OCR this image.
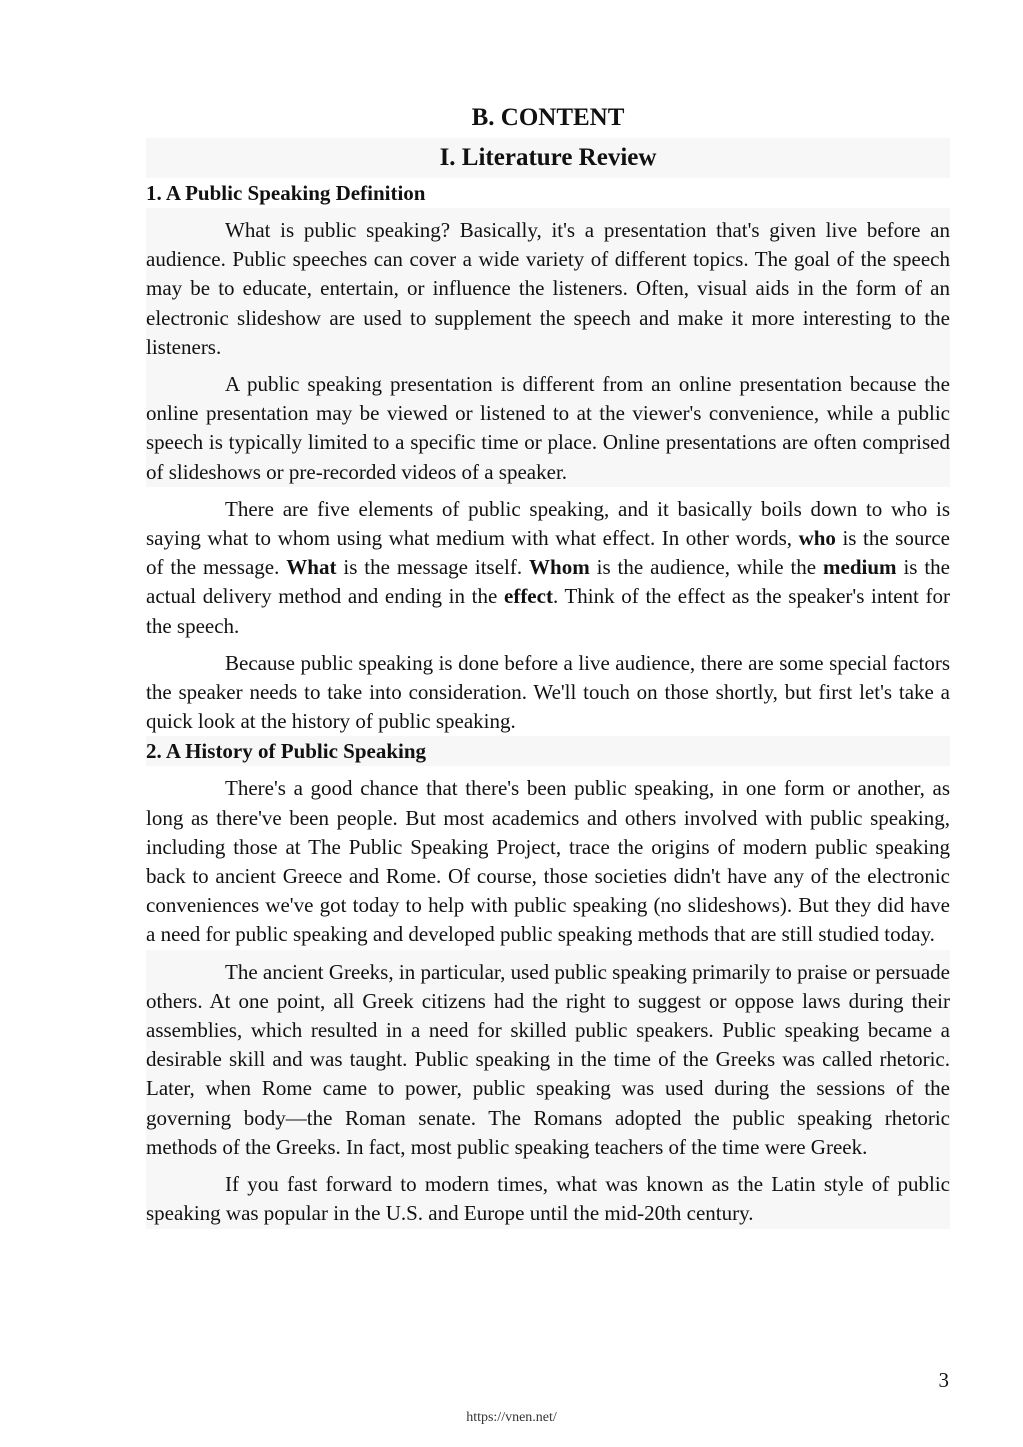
B. CONTENT
I. Literature Review
1. A Public Speaking Definition

What is public speaking? Basically, it's a presentation that's given live before an audience. Public speeches can cover a wide variety of different topics. The goal of the speech may be to educate, entertain, or influence the listeners. Often, visual aids in the form of an electronic slideshow are used to supplement the speech and make it more interesting to the listeners.

A public speaking presentation is different from an online presentation because the online presentation may be viewed or listened to at the viewer's convenience, while a public speech is typically limited to a specific time or place. Online presentations are often comprised of slideshows or pre-recorded videos of a speaker.

There are five elements of public speaking, and it basically boils down to who is saying what to whom using what medium with what effect. In other words, who is the source of the message. What is the message itself. Whom is the audience, while the medium is the actual delivery method and ending in the effect. Think of the effect as the speaker's intent for the speech.

Because public speaking is done before a live audience, there are some special factors the speaker needs to take into consideration. We'll touch on those shortly, but first let's take a quick look at the history of public speaking.

2. A History of Public Speaking

There's a good chance that there's been public speaking, in one form or another, as long as there've been people. But most academics and others involved with public speaking, including those at The Public Speaking Project, trace the origins of modern public speaking back to ancient Greece and Rome. Of course, those societies didn't have any of the electronic conveniences we've got today to help with public speaking (no slideshows). But they did have a need for public speaking and developed public speaking methods that are still studied today.

The ancient Greeks, in particular, used public speaking primarily to praise or persuade others. At one point, all Greek citizens had the right to suggest or oppose laws during their assemblies, which resulted in a need for skilled public speakers. Public speaking became a desirable skill and was taught. Public speaking in the time of the Greeks was called rhetoric. Later, when Rome came to power, public speaking was used during the sessions of the governing body—the Roman senate. The Romans adopted the public speaking rhetoric methods of the Greeks. In fact, most public speaking teachers of the time were Greek.

If you fast forward to modern times, what was known as the Latin style of public speaking was popular in the U.S. and Europe until the mid-20th century.

3
https://vnen.net/
